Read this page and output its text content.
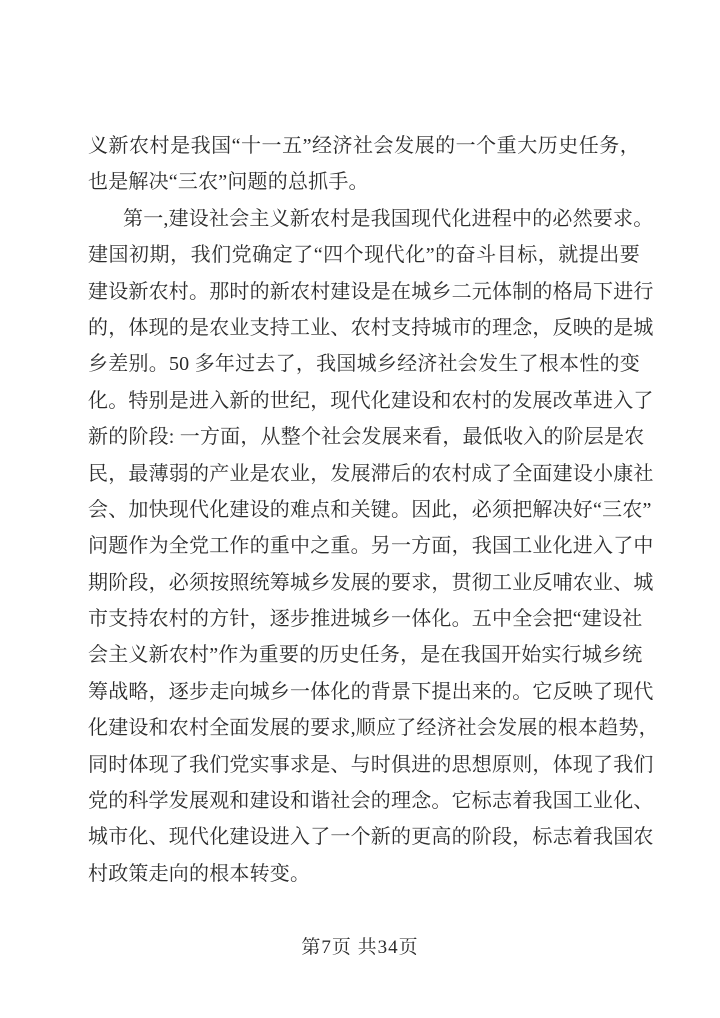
义新农村是我国“十一五”经济社会发展的一个重大历史任务，
也是解决“三农”问题的总抓手。
第一,建设社会主义新农村是我国现代化进程中的必然要求。
建国初期，我们党确定了“四个现代化”的奋斗目标，就提出要
建设新农村。那时的新农村建设是在城乡二元体制的格局下进行
的，体现的是农业支持工业、农村支持城市的理念，反映的是城
乡差别。50 多年过去了，我国城乡经济社会发生了根本性的变
化。特别是进入新的世纪，现代化建设和农村的发展改革进入了
新的阶段: 一方面，从整个社会发展来看，最低收入的阶层是农
民，最薄弱的产业是农业，发展滞后的农村成了全面建设小康社
会、加快现代化建设的难点和关键。因此，必须把解决好“三农”
问题作为全党工作的重中之重。另一方面，我国工业化进入了中
期阶段，必须按照统筹城乡发展的要求，贯彻工业反哺农业、城
市支持农村的方针，逐步推进城乡一体化。五中全会把“建设社
会主义新农村”作为重要的历史任务，是在我国开始实行城乡统
筹战略，逐步走向城乡一体化的背景下提出来的。它反映了现代
化建设和农村全面发展的要求,顺应了经济社会发展的根本趋势，
同时体现了我们党实事求是、与时俱进的思想原则，体现了我们
党的科学发展观和建设和谐社会的理念。它标志着我国工业化、
城市化、现代化建设进入了一个新的更高的阶段，标志着我国农
村政策走向的根本转变。
第7页 共34页
